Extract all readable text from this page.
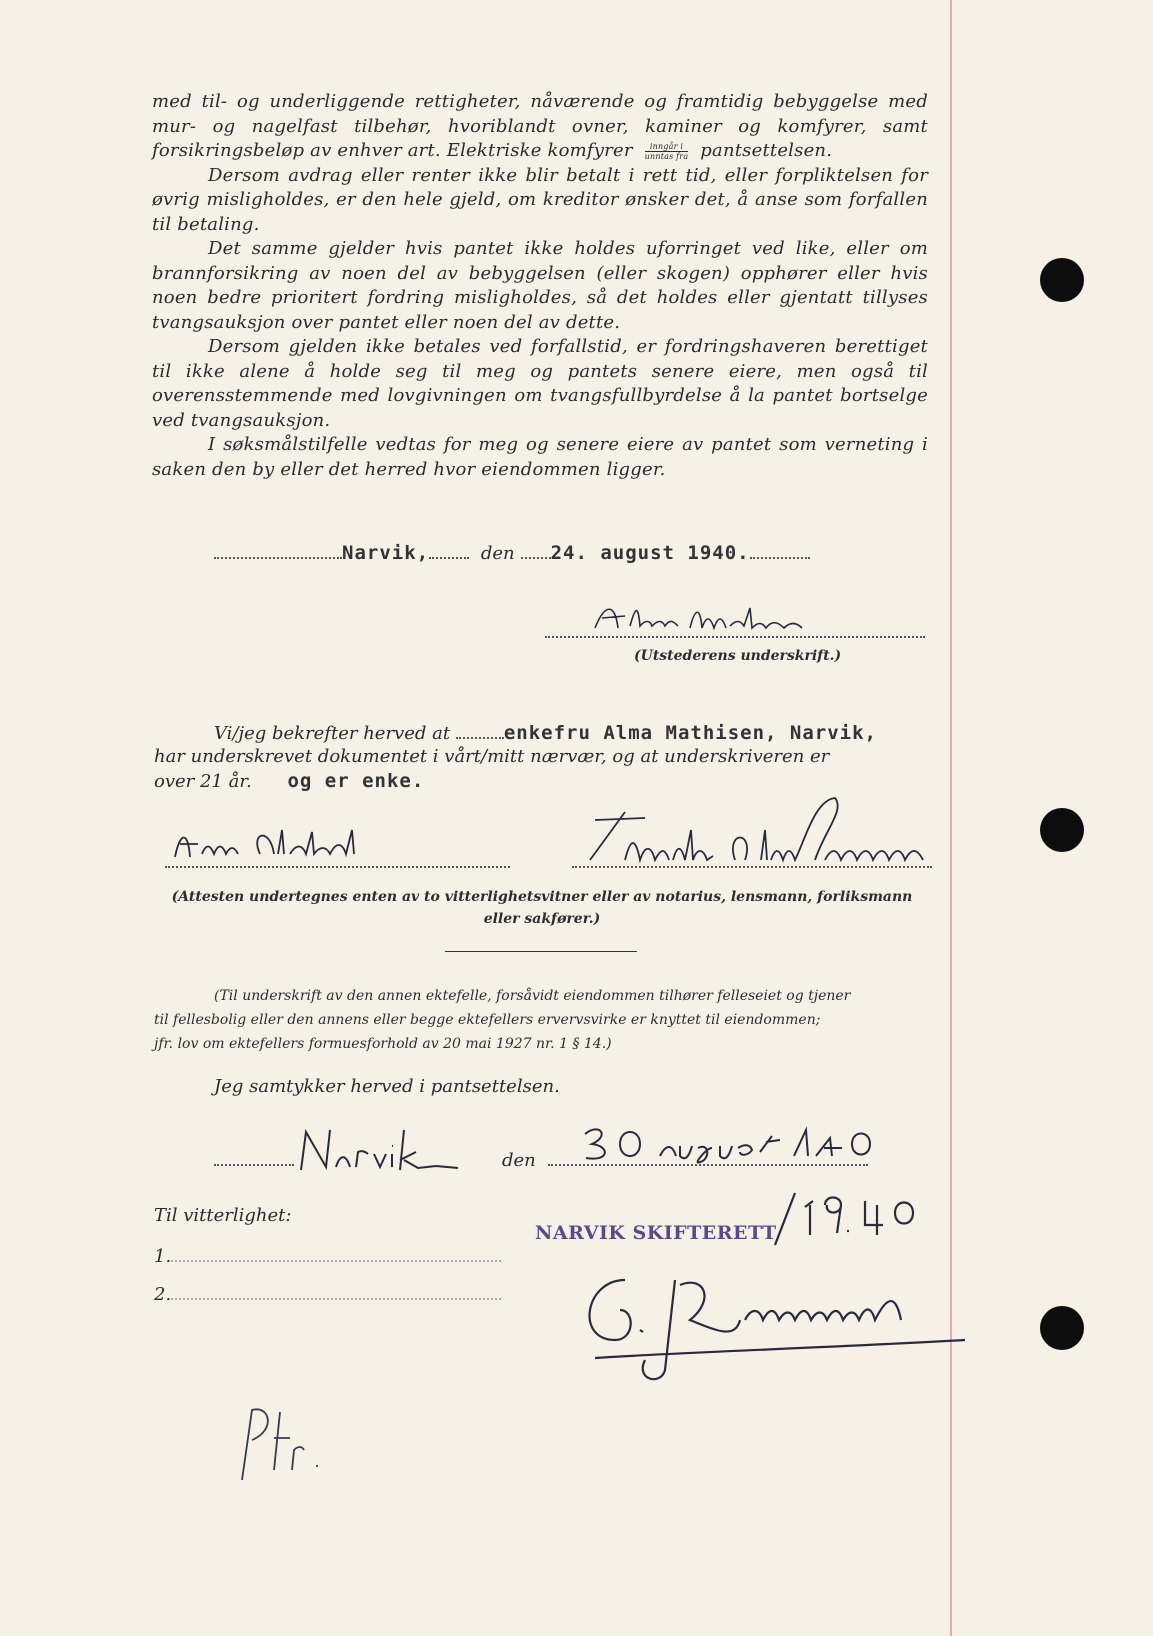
med til- og underliggende rettigheter, nåværende og framtidig bebyggelse med mur- og nagelfast tilbehør, hvoriblandt ovner, kaminer og komfyrer, samt forsikringsbeløp av enhver art. Elektriske komfyrer $\frac{\text{inngår i}}{\text{unntas fra}}$ pantsettelsen.

Dersom avdrag eller renter ikke blir betalt i rett tid, eller forpliktelsen for øvrig misligholdes, er den hele gjeld, om kreditor ønsker det, å anse som forfallen til betaling.

Det samme gjelder hvis pantet ikke holdes uforringet ved like, eller om brannforsikring av noen del av bebyggelsen (eller skogen) opphører eller hvis noen bedre prioritert fordring misligholdes, så det holdes eller gjentatt tillyses tvangsauksjon over pantet eller noen del av dette.

Dersom gjelden ikke betales ved forfallstid, er fordringshaveren berettiget til ikke alene å holde seg til meg og pantets senere eiere, men også til overensstemmende med lovgivningen om tvangsfullbyrdelse å la pantet bortselge ved tvangsauksjon.

I søksmålstilfelle vedtas for meg og senere eiere av pantet som verneting i saken den by eller det herred hvor eiendommen ligger.

Narvik,	den 24. august 1940.
(Utstederens underskrift.)
Vi/jeg bekrefter herved at	enkefru Alma Mathisen, Narvik,
har underskrevet dokumentet i vårt/mitt nærvær, og at underskriveren er
over 21 år. og er enke.
(Attesten undertegnes enten av to vitterlighetsvitner eller av notarius, lensmann, forliksmann
eller sakfører.)
(Til underskrift av den annen ektefelle, forsåvidt eiendommen tilhører felleseiet og tjener
til fellesbolig eller den annens eller begge ektefellers ervervsvirke er knyttet til eiendommen;
jfr. lov om ektefellers formuesforhold av 20 mai 1927 nr. 1 § 14.)
Jeg samtykker herved i pantsettelsen.
den
Til vitterlighet:
1.
2.
NARVIK SKIFTERETT
